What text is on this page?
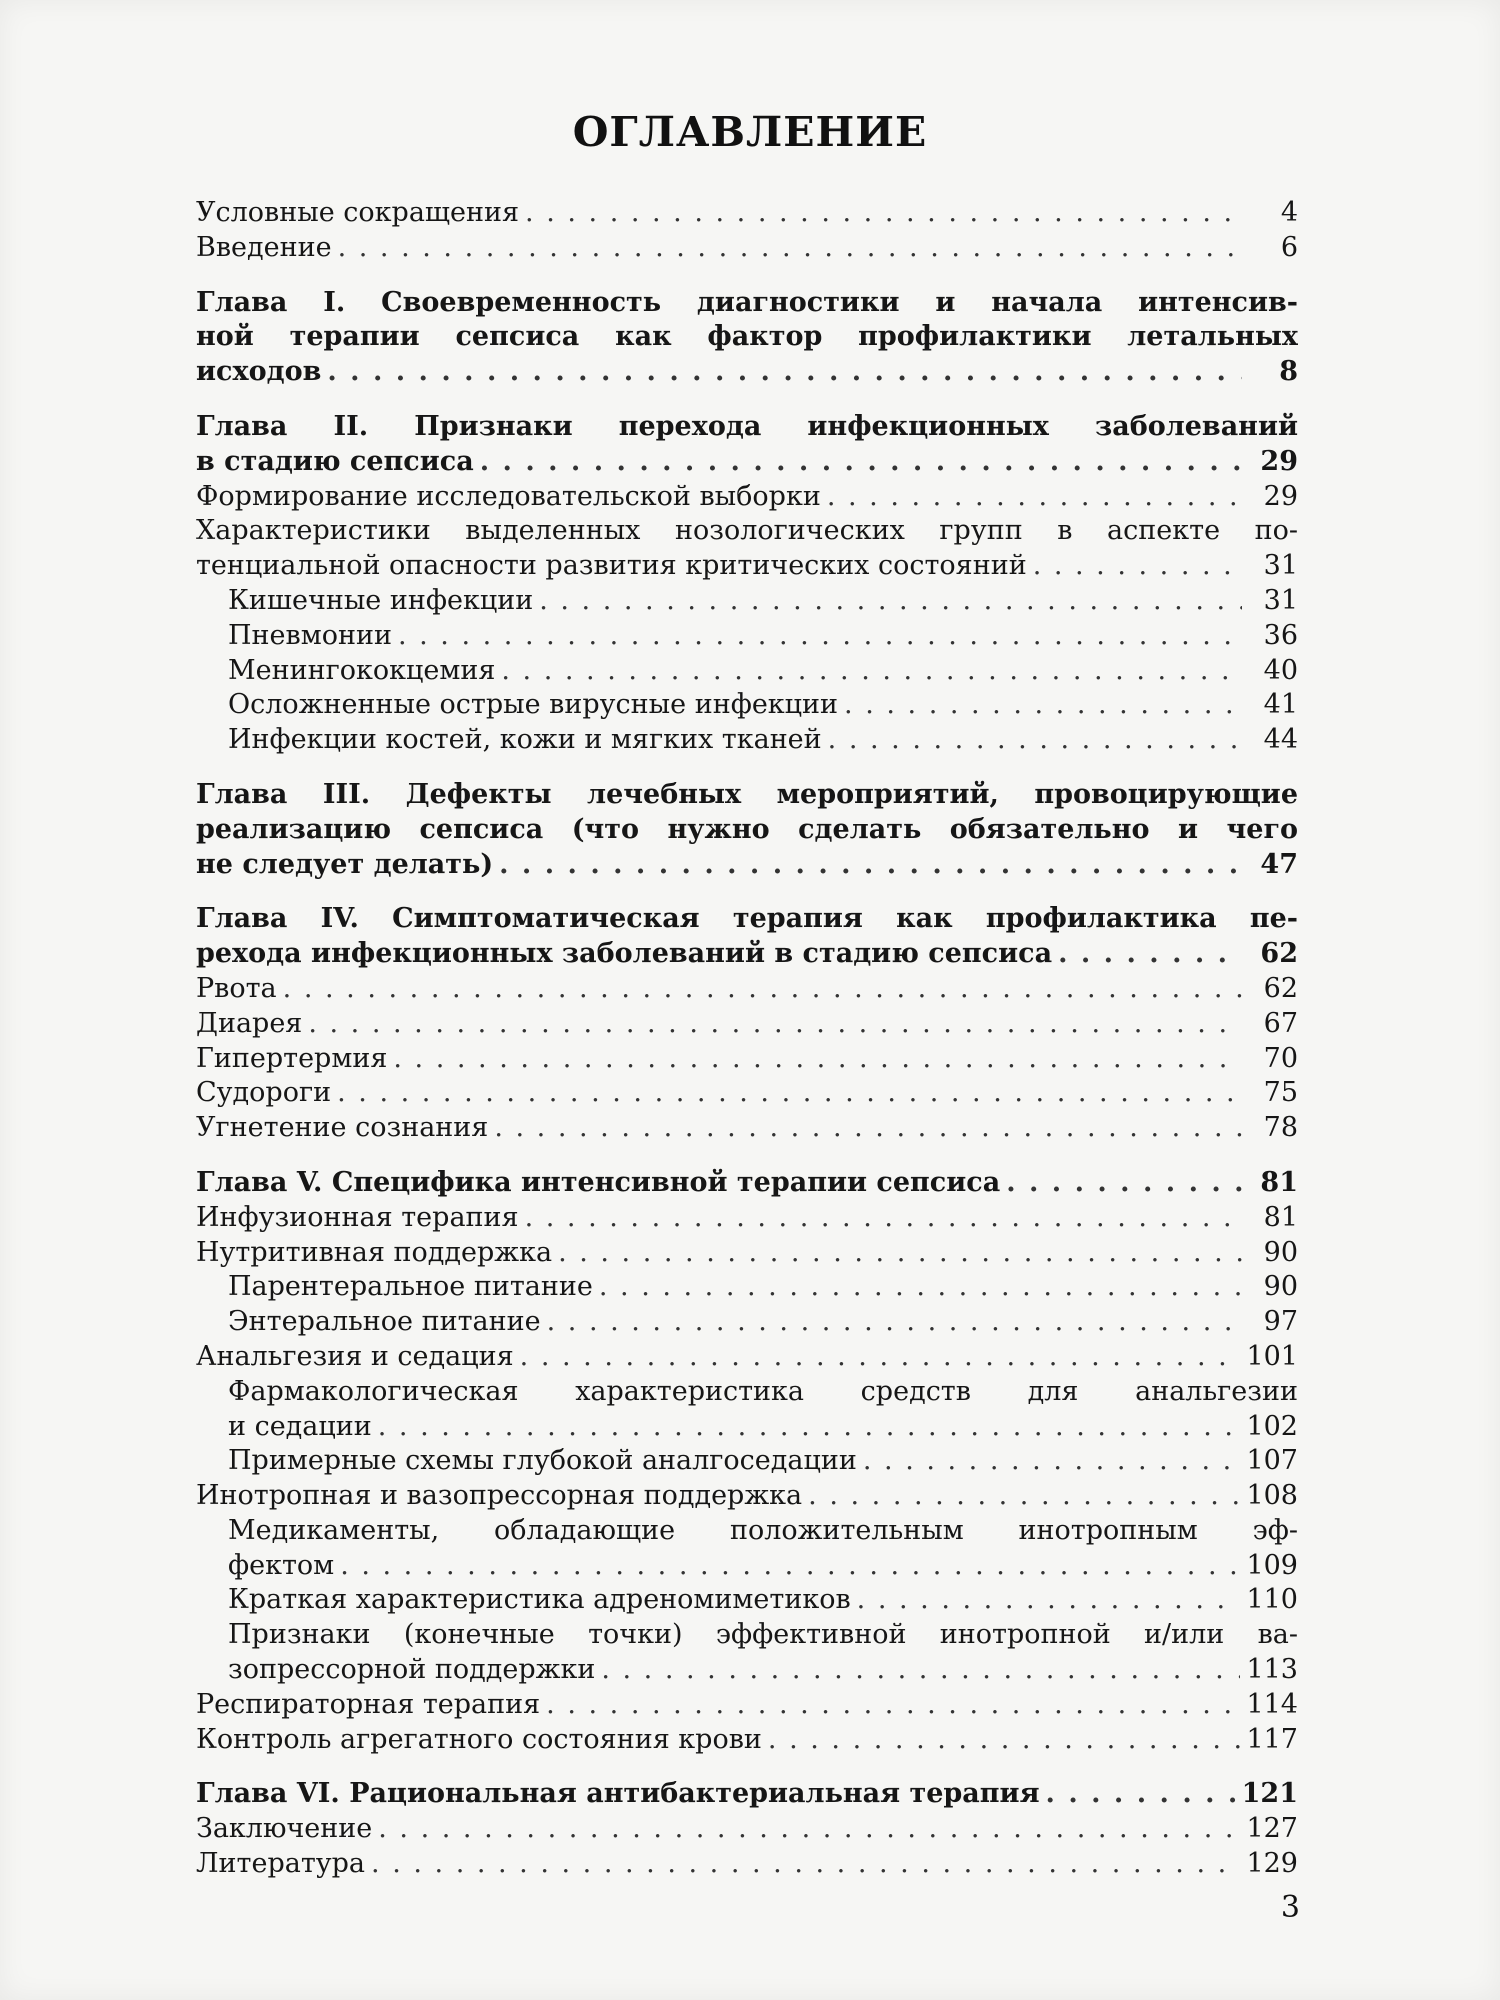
ОГЛАВЛЕНИЕ
Условные сокращения . . .	4
Введение . . .	6
Глава I. Своевременность диагностики и начала интенсив-
ной терапии сепсиса как фактор профилактики летальных
исходов . . .	8
Глава II. Признаки перехода инфекционных заболеваний
в стадию сепсиса . . .	29
Формирование исследовательской выборки . . .	29
Характеристики выделенных нозологических групп в аспекте по-
тенциальной опасности развития критических состояний . . .	31
Кишечные инфекции . . .	31
Пневмонии . . .	36
Менингококцемия . . .	40
Осложненные острые вирусные инфекции . . .	41
Инфекции костей, кожи и мягких тканей . . .	44
Глава III. Дефекты лечебных мероприятий, провоцирующие
реализацию сепсиса (что нужно сделать обязательно и чего
не следует делать) . . .	47
Глава IV. Симптоматическая терапия как профилактика пе-
рехода инфекционных заболеваний в стадию сепсиса . . .	62
Рвота . . .	62
Диарея . . .	67
Гипертермия . . .	70
Судороги . . .	75
Угнетение сознания . . .	78
Глава V. Специфика интенсивной терапии сепсиса . . .	81
Инфузионная терапия . . .	81
Нутритивная поддержка . . .	90
Парентеральное питание . . .	90
Энтеральное питание . . .	97
Анальгезия и седация . . .	101
Фармакологическая характеристика средств для анальгезии
и седации . . .	102
Примерные схемы глубокой аналгоседации . . .	107
Инотропная и вазопрессорная поддержка . . .	108
Медикаменты, обладающие положительным инотропным эф-
фектом . . .	109
Краткая характеристика адреномиметиков . . .	110
Признаки (конечные точки) эффективной инотропной и/или ва-
зопрессорной поддержки . . .	113
Респираторная терапия . . .	114
Контроль агрегатного состояния крови . . .	117
Глава VI. Рациональная антибактериальная терапия . . .	121
Заключение . . .	127
Литература . . .	129
3
